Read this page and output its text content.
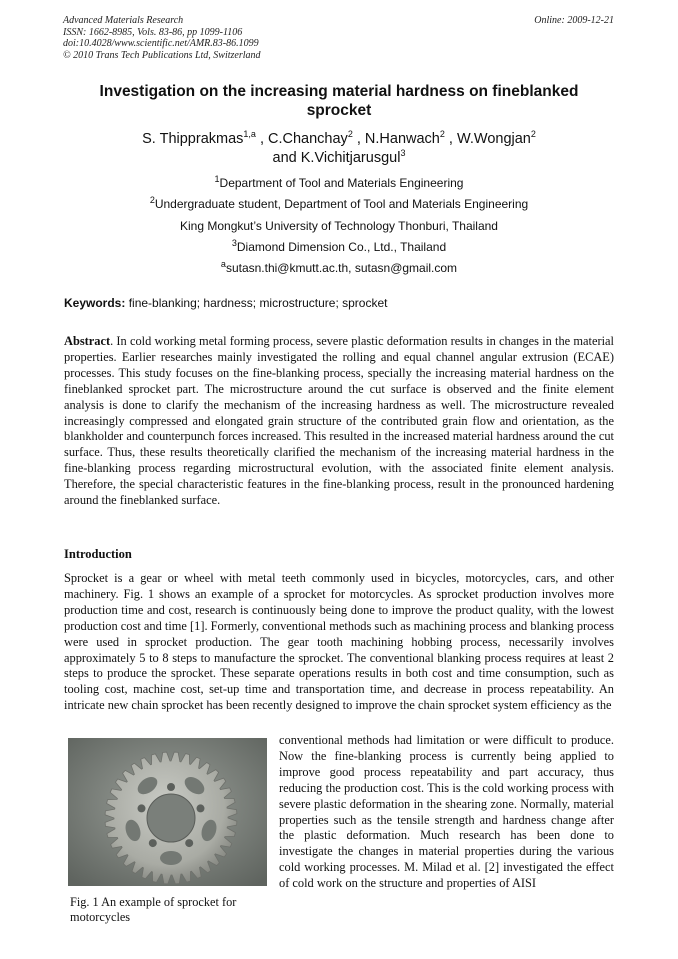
Advanced Materials Research
ISSN: 1662-8985, Vols. 83-86, pp 1099-1106
doi:10.4028/www.scientific.net/AMR.83-86.1099
© 2010 Trans Tech Publications Ltd, Switzerland
Online: 2009-12-21
Investigation on the increasing material hardness on fineblanked sprocket
S. Thipprakmas$^{1,a}$ , C.Chanchay$^2$ , N.Hanwach$^2$ , W.Wongjan$^2$
and K.Vichitjarusgul$^3$
$^1$Department of Tool and Materials Engineering
$^2$Undergraduate student, Department of Tool and Materials Engineering
King Mongkut’s University of Technology Thonburi, Thailand
$^3$Diamond Dimension Co., Ltd., Thailand
$^a$sutasn.thi@kmutt.ac.th, sutasn@gmail.com
Keywords: fine-blanking; hardness; microstructure; sprocket
Abstract. In cold working metal forming process, severe plastic deformation results in changes in the material properties. Earlier researches mainly investigated the rolling and equal channel angular extrusion (ECAE) processes. This study focuses on the fine-blanking process, specially the increasing material hardness on the fineblanked sprocket part. The microstructure around the cut surface is observed and the finite element analysis is done to clarify the mechanism of the increasing hardness as well. The microstructure revealed increasingly compressed and elongated grain structure of the contributed grain flow and orientation, as the blankholder and counterpunch forces increased. This resulted in the increased material hardness around the cut surface. Thus, these results theoretically clarified the mechanism of the increasing material hardness in the fine-blanking process regarding microstructural evolution, with the associated finite element analysis. Therefore, the special characteristic features in the fine-blanking process, result in the pronounced hardening around the fineblanked surface.
Introduction
Sprocket is a gear or wheel with metal teeth commonly used in bicycles, motorcycles, cars, and other machinery. Fig. 1 shows an example of a sprocket for motorcycles. As sprocket production involves more production time and cost, research is continuously being done to improve the product quality, with the lowest production cost and time [1]. Formerly, conventional methods such as machining process and blanking process were used in sprocket production. The gear tooth machining hobbing process, necessarily involves approximately 5 to 8 steps to manufacture the sprocket. The conventional blanking process requires at least 2 steps to produce the sprocket. These separate operations results in both cost and time consumption, such as tooling cost, machine cost, set-up time and transportation time, and decrease in process repeatability. An intricate new chain sprocket has been recently designed to improve the chain sprocket system efficiency as the
Fig. 1 An example of sprocket for motorcycles
conventional methods had limitation or were difficult to produce. Now the fine-blanking process is currently being applied to improve good process repeatability and part accuracy, thus reducing the production cost. This is the cold working process with severe plastic deformation in the shearing zone. Normally, material properties such as the tensile strength and hardness change after the plastic deformation. Much research has been done to investigate the changes in material properties during the various cold working processes. M. Milad et al. [2] investigated the effect of cold work on the structure and properties of AISI
